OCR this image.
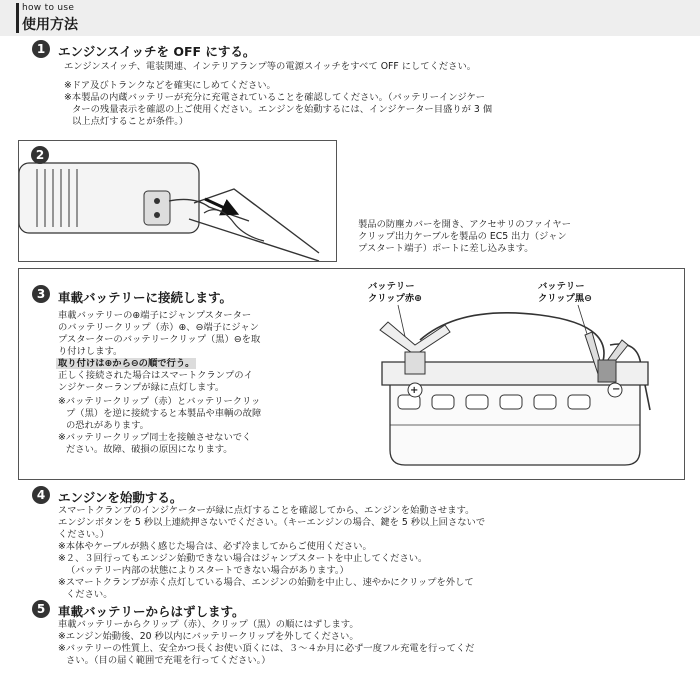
how to use
使用方法
1	エンジンスイッチを OFF にする。
エンジンスイッチ、電装関連、インテリアランプ等の電源スイッチをすべて OFF にしてください。
※ドア及びトランクなどを確実にしめてください。
※本製品の内蔵バッテリーが充分に充電されていることを確認してください。（バッテリーインジケー
ターの残量表示を確認の上ご使用ください。エンジンを始動するには、インジケーター目盛りが 3 個
以上点灯することが条件。）
2
製品の防塵カバーを開き、アクセサリのファイヤー
クリップ出力ケーブルを製品の EC5 出力（ジャン
プスタート端子）ポートに差し込みます。
3	車載バッテリーに接続します。
車載バッテリーの⊕端子にジャンプスターター
のバッテリークリップ（赤）⊕、⊖端子にジャン
プスターターのバッテリークリップ（黒）⊖を取
り付けします。
取り付けは⊕から⊖の順で行う。
正しく接続された場合はスマートクランプのイ
ンジケーターランプが緑に点灯します。
※バッテリークリップ（赤）とバッテリークリッ
プ（黒）を逆に接続すると本製品や車輌の故障
の恐れがあります。
※バッテリークリップ同士を接触させないでく
ださい。故障、破損の原因になります。
バッテリー
クリップ赤⊕
バッテリー
クリップ黒⊖
+	−
4	エンジンを始動する。
スマートクランプのインジケーターが緑に点灯することを確認してから、エンジンを始動させます。
エンジンボタンを 5 秒以上連続押さないでください。（キーエンジンの場合、鍵を 5 秒以上回さないで
ください。）
※本体やケーブルが熱く感じた場合は、必ず冷ましてからご使用ください。
※２、３回行ってもエンジン始動できない場合はジャンプスタートを中止してください。
（バッテリー内部の状態によりスタートできない場合があります。）
※スマートクランプが赤く点灯している場合、エンジンの始動を中止し、速やかにクリップを外して
ください。
5	車載バッテリーからはずします。
車載バッテリーからクリップ（赤）、クリップ（黒）の順にはずします。
※エンジン始動後、20 秒以内にバッテリークリップを外してください。
※バッテリーの性質上、安全かつ長くお使い頂くには、３～４か月に必ず一度フル充電を行ってくだ
さい。（目の届く範囲で充電を行ってください。）
